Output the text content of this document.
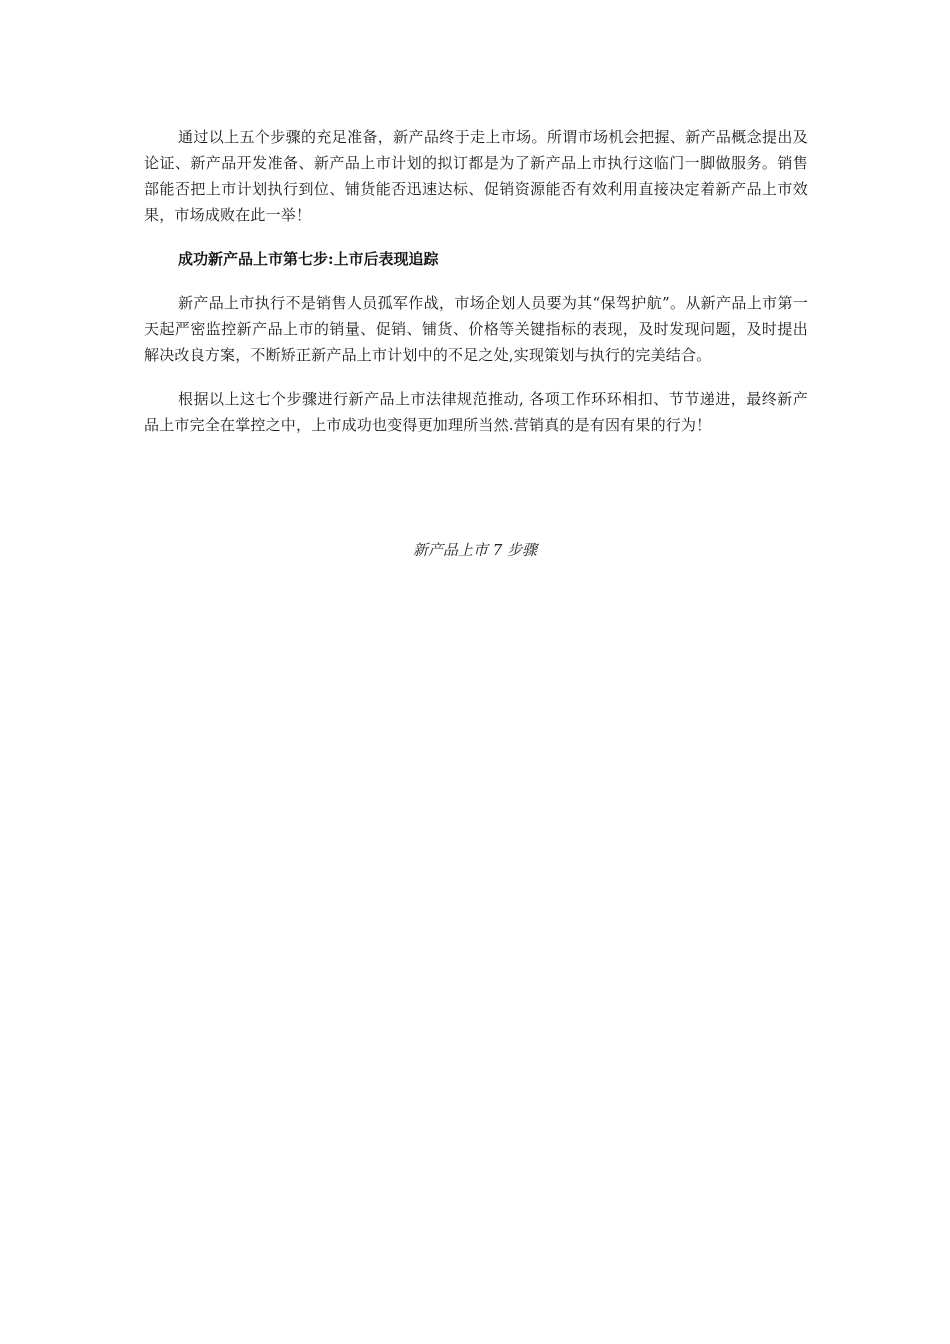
通过以上五个步骤的充足准备，新产品终于走上市场。所谓市场机会把握、新产品概念提出及论证、新产品开发准备、新产品上市计划的拟订都是为了新产品上市执行这临门一脚做服务。销售部能否把上市计划执行到位、铺货能否迅速达标、促销资源能否有效利用直接决定着新产品上市效果，市场成败在此一举！

成功新产品上市第七步:上市后表现追踪

新产品上市执行不是销售人员孤军作战，市场企划人员要为其“保驾护航”。从新产品上市第一天起严密监控新产品上市的销量、促销、铺货、价格等关键指标的表现，及时发现问题，及时提出解决改良方案，不断矫正新产品上市计划中的不足之处,实现策划与执行的完美结合。

根据以上这七个步骤进行新产品上市法律规范推动, 各项工作环环相扣、节节递进，最终新产品上市完全在掌控之中，上市成功也变得更加理所当然.营销真的是有因有果的行为！

新产品上市 7 步骤
